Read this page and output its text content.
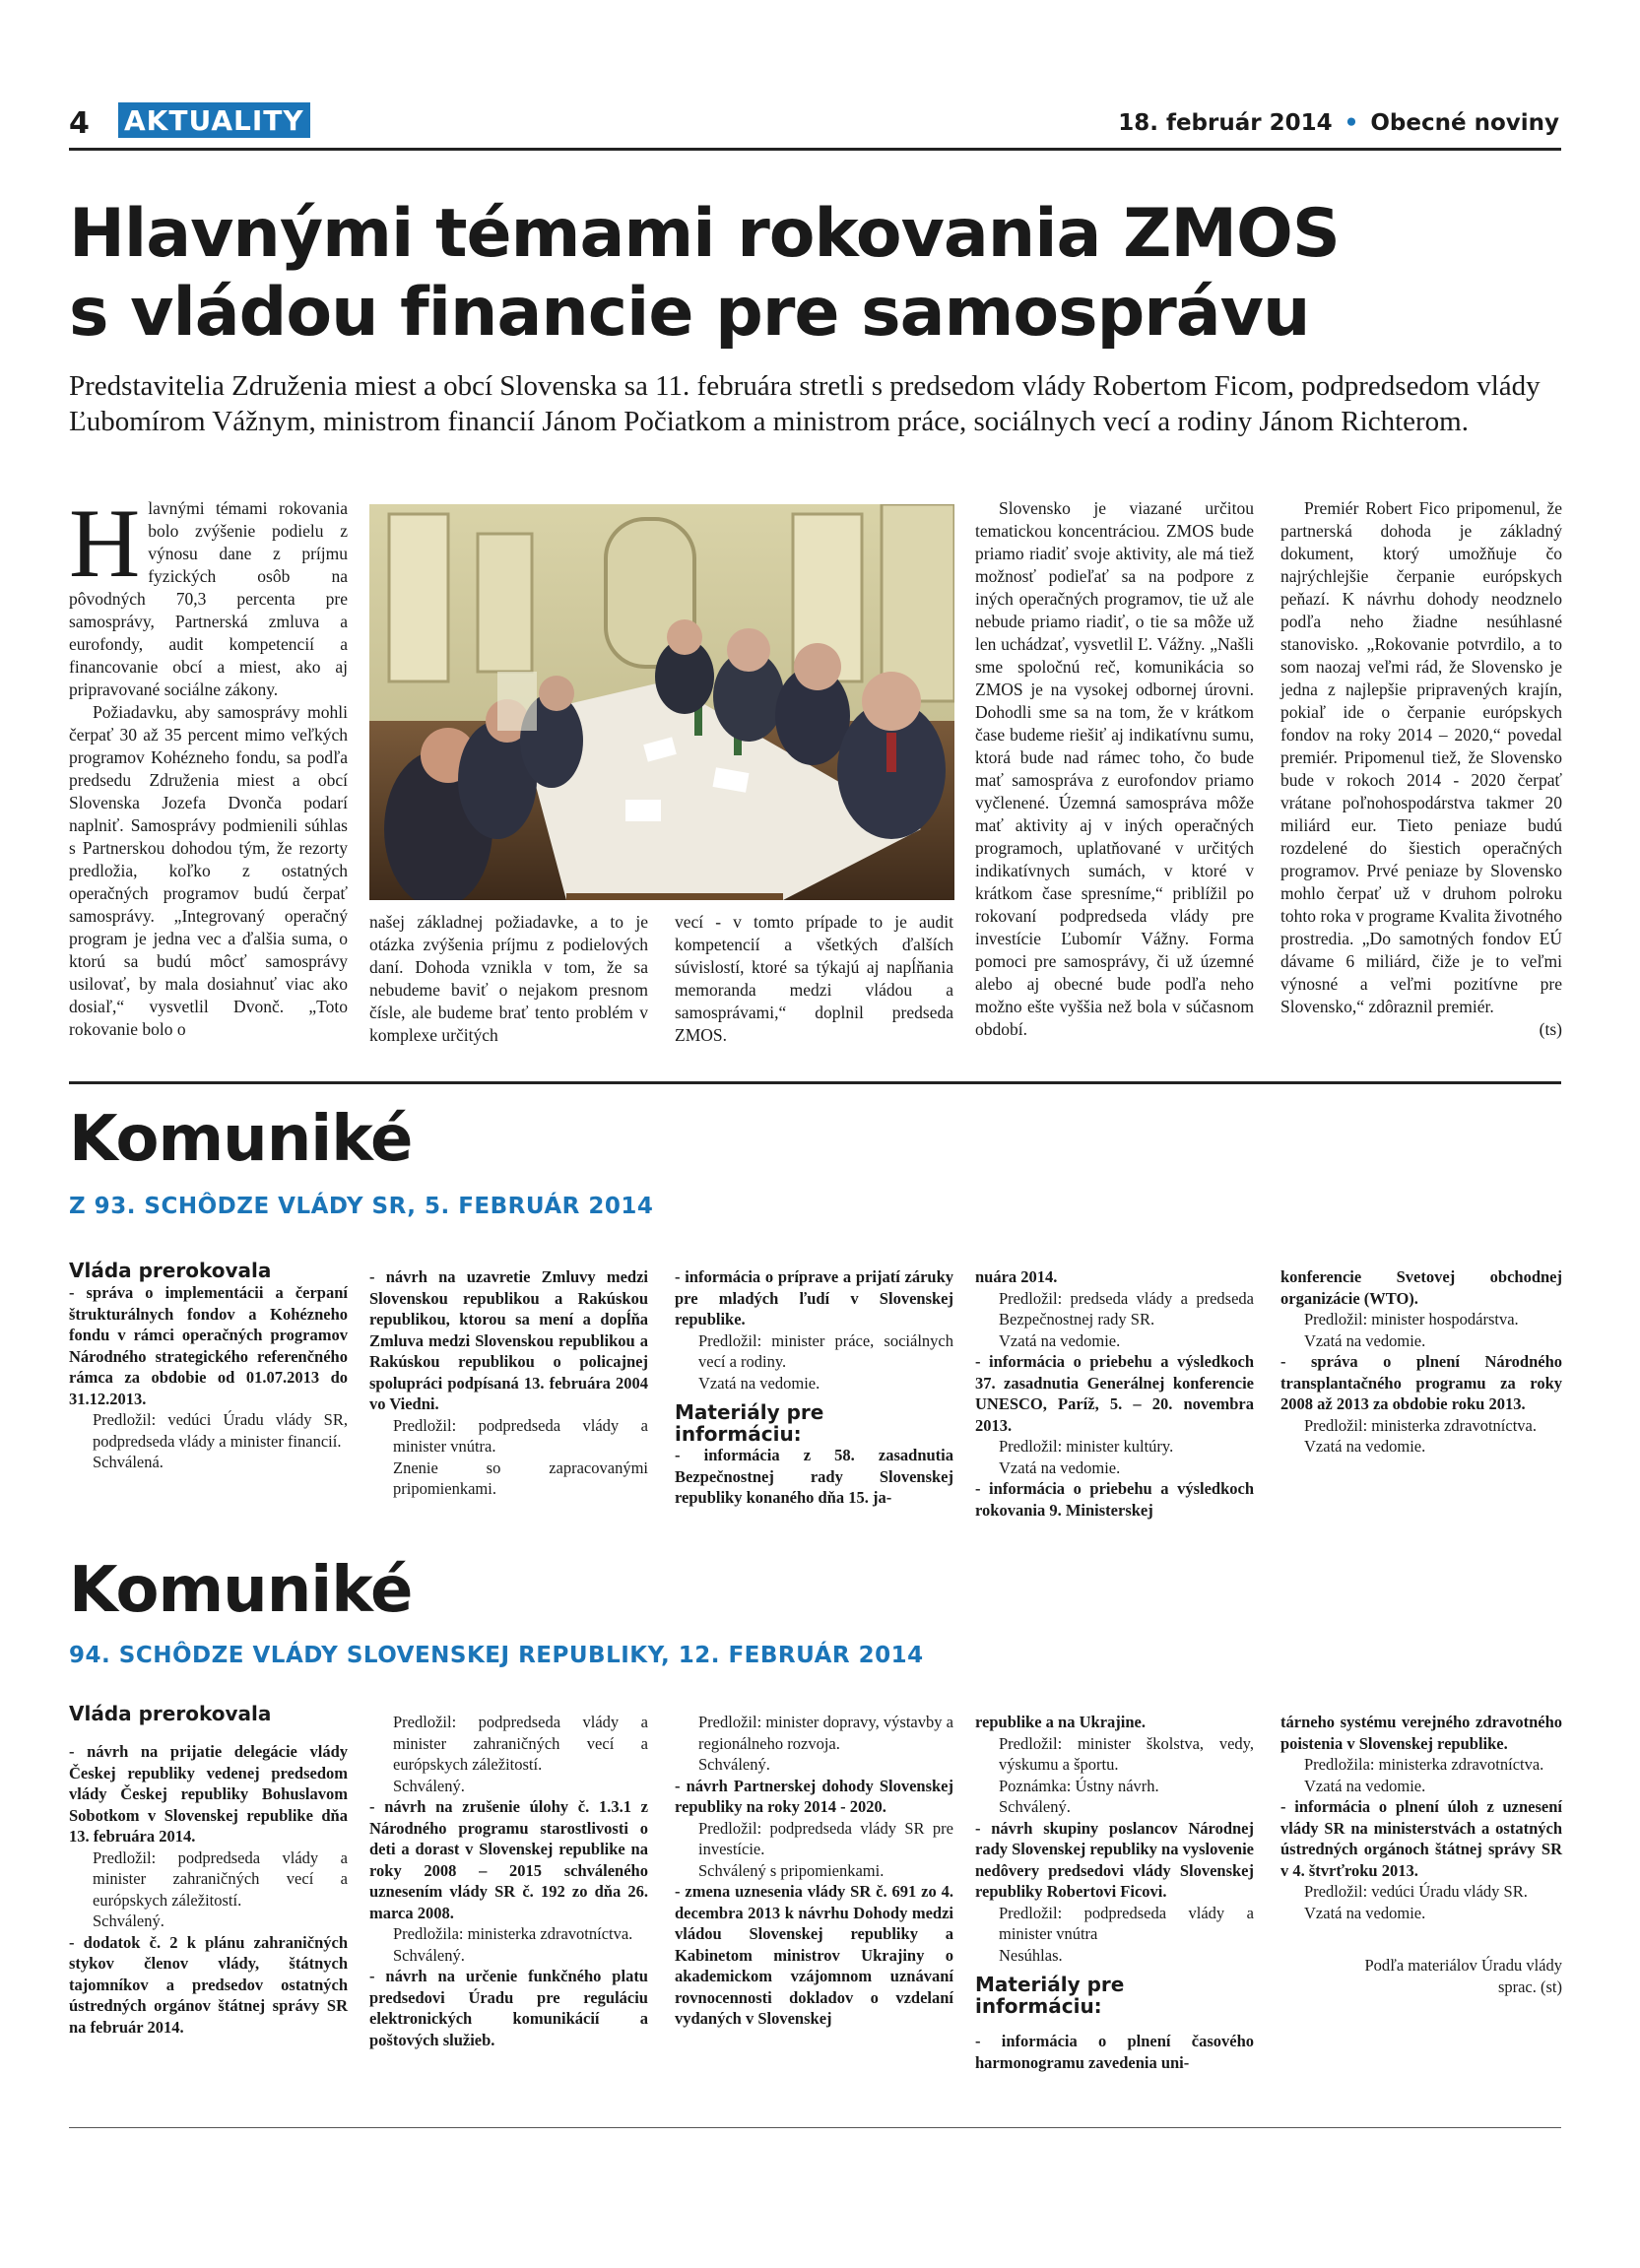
4 AKTUALITY	18. február 2014 • Obecné noviny
Hlavnými témami rokovania ZMOS
s vládou financie pre samosprávu
Predstavitelia Združenia miest a obcí Slovenska sa 11. februára stretli s predsedom vlády Robertom Ficom, podpredsedom vlády Ľubomírom Vážnym, ministrom financií Jánom Počiatkom a ministrom práce, sociálnych vecí a rodiny Jánom Richterom.

Hlavnými témami rokovania bolo zvýšenie podielu z výnosu dane z príjmu fyzických osôb na pôvodných 70,3 percenta pre samosprávy, Partnerská zmluva a eurofondy, audit kompetencií a financovanie obcí a miest, ako aj pripravované sociálne zákony.

Požiadavku, aby samosprávy mohli čerpať 30 až 35 percent mimo veľkých programov Kohézneho fondu, sa podľa predsedu Združenia miest a obcí Slovenska Jozefa Dvonča podarí naplniť. Samosprávy podmienili súhlas s Partnerskou dohodou tým, že rezorty predložia, koľko z ostatných operačných programov budú čerpať samosprávy. „Integrovaný operačný program je jedna vec a ďalšia suma, o ktorú sa budú môcť samosprávy usilovať, by mala dosiahnuť viac ako dosiaľ,“ vysvetlil Dvonč. „Toto rokovanie bolo o

našej základnej požiadavke, a to je otázka zvýšenia príjmu z podielových daní. Dohoda vznikla v tom, že sa nebudeme baviť o nejakom presnom čísle, ale budeme brať tento problém v komplexe určitých

vecí - v tomto prípade to je audit kompetencií a všetkých ďalších súvislostí, ktoré sa týkajú aj napĺňania memoranda medzi vládou a samosprávami,“ doplnil predseda ZMOS.

Slovensko je viazané určitou tematickou koncentráciou. ZMOS bude priamo riadiť svoje aktivity, ale má tiež možnosť podieľať sa na podpore z iných operačných programov, tie už ale nebude priamo riadiť, o tie sa môže už len uchádzať, vysvetlil Ľ. Vážny. „Našli sme spoločnú reč, komunikácia so ZMOS je na vysokej odbornej úrovni. Dohodli sme sa na tom, že v krátkom čase budeme riešiť aj indikatívnu sumu, ktorá bude nad rámec toho, čo bude mať samospráva z eurofondov priamo vyčlenené. Územná samospráva môže mať aktivity aj v iných operačných programoch, uplatňované v určitých indikatívnych sumách, v ktoré v krátkom čase spresníme,“ priblížil po rokovaní podpredseda vlády pre investície Ľubomír Vážny. Forma pomoci pre samosprávy, či už územné alebo aj obecné bude podľa neho možno ešte vyššia než bola v súčasnom období.

Premiér Robert Fico pripomenul, že partnerská dohoda je základný dokument, ktorý umožňuje čo najrýchlejšie čerpanie európskych peňazí. K návrhu dohody neodznelo podľa neho žiadne nesúhlasné stanovisko. „Rokovanie potvrdilo, a to som naozaj veľmi rád, že Slovensko je jedna z najlepšie pripravených krajín, pokiaľ ide o čerpanie európskych fondov na roky 2014 – 2020,“ povedal premiér. Pripomenul tiež, že Slovensko bude v rokoch 2014 - 2020 čerpať vrátane poľnohospodárstva takmer 20 miliárd eur. Tieto peniaze budú rozdelené do šiestich operačných programov. Prvé peniaze by Slovensko mohlo čerpať už v druhom polroku tohto roka v programe Kvalita životného prostredia. „Do samotných fondov EÚ dávame 6 miliárd, čiže je to veľmi výnosné a veľmi pozitívne pre Slovensko,“ zdôraznil premiér.

(ts)
Komuniké
Z 93. SCHÔDZE VLÁDY SR, 5. FEBRUÁR 2014
Vláda prerokovala
- správa o implementácii a čerpaní štrukturálnych fondov a Kohézneho fondu v rámci operačných programov Národného strategického referenčného rámca za obdobie od 01.07.2013 do 31.12.2013.
Predložil: vedúci Úradu vlády SR, podpredseda vlády a minister financií.
Schválená.
- návrh na uzavretie Zmluvy medzi Slovenskou republikou a Rakúskou republikou, ktorou sa mení a dopĺňa Zmluva medzi Slovenskou republikou a Rakúskou republikou o policajnej spolupráci podpísaná 13. februára 2004 vo Viedni.
Predložil: podpredseda vlády a minister vnútra.
Znenie so zapracovanými pripomienkami.
- informácia o príprave a prijatí záruky pre mladých ľudí v Slovenskej republike.
Predložil: minister práce, sociálnych vecí a rodiny.
Vzatá na vedomie.
Materiály pre informáciu:
- informácia z 58. zasadnutia Bezpečnostnej rady Slovenskej republiky konaného dňa 15. ja-
nuára 2014.
Predložil: predseda vlády a predseda Bezpečnostnej rady SR.
Vzatá na vedomie.
- informácia o priebehu a výsledkoch 37. zasadnutia Generálnej konferencie UNESCO, Paríž, 5. – 20. novembra 2013.
Predložil: minister kultúry.
Vzatá na vedomie.
- informácia o priebehu a výsledkoch rokovania 9. Ministerskej
konferencie Svetovej obchodnej organizácie (WTO).
Predložil: minister hospodárstva.
Vzatá na vedomie.
- správa o plnení Národného transplantačného programu za roky 2008 až 2013 za obdobie roku 2013.
Predložil: ministerka zdravotníctva.
Vzatá na vedomie.
Komuniké
94. SCHÔDZE VLÁDY SLOVENSKEJ REPUBLIKY, 12. FEBRUÁR 2014
Vláda prerokovala
- návrh na prijatie delegácie vlády Českej republiky vedenej predsedom vlády Českej republiky Bohuslavom Sobotkom v Slovenskej republike dňa 13. februára 2014.
Predložil: podpredseda vlády a minister zahraničných vecí a európskych záležitostí.
Schválený.
- dodatok č. 2 k plánu zahraničných stykov členov vlády, štátnych tajomníkov a predsedov ostatných ústredných orgánov štátnej správy SR na február 2014.
Predložil: podpredseda vlády a minister zahraničných vecí a európskych záležitostí.
Schválený.
- návrh na zrušenie úlohy č. 1.3.1 z Národného programu starostlivosti o deti a dorast v Slovenskej republike na roky 2008 – 2015 schváleného uznesením vlády SR č. 192 zo dňa 26. marca 2008.
Predložila: ministerka zdravotníctva.
Schválený.
- návrh na určenie funkčného platu predsedovi Úradu pre reguláciu elektronických komunikácií a poštových služieb.
Predložil: minister dopravy, výstavby a regionálneho rozvoja.
Schválený.
- návrh Partnerskej dohody Slovenskej republiky na roky 2014 - 2020.
Predložil: podpredseda vlády SR pre investície.
Schválený s pripomienkami.
- zmena uznesenia vlády SR č. 691 zo 4. decembra 2013 k návrhu Dohody medzi vládou Slovenskej republiky a Kabinetom ministrov Ukrajiny o akademickom vzájomnom uznávaní rovnocennosti dokladov o vzdelaní vydaných v Slovenskej
republike a na Ukrajine.
Predložil: minister školstva, vedy, výskumu a športu.
Poznámka: Ústny návrh.
Schválený.
- návrh skupiny poslancov Národnej rady Slovenskej republiky na vyslovenie nedôvery predsedovi vlády Slovenskej republiky Robertovi Ficovi.
Predložil: podpredseda vlády a minister vnútra
Nesúhlas.
Materiály pre informáciu:
- informácia o plnení časového harmonogramu zavedenia uni-
tárneho systému verejného zdravotného poistenia v Slovenskej republike.
Predložila: ministerka zdravotníctva.
Vzatá na vedomie.
- informácia o plnení úloh z uznesení vlády SR na ministerstvách a ostatných ústredných orgánoch štátnej správy SR v 4. štvrťroku 2013.
Predložil: vedúci Úradu vlády SR.
Vzatá na vedomie.
Podľa materiálov Úradu vlády
sprac. (st)
